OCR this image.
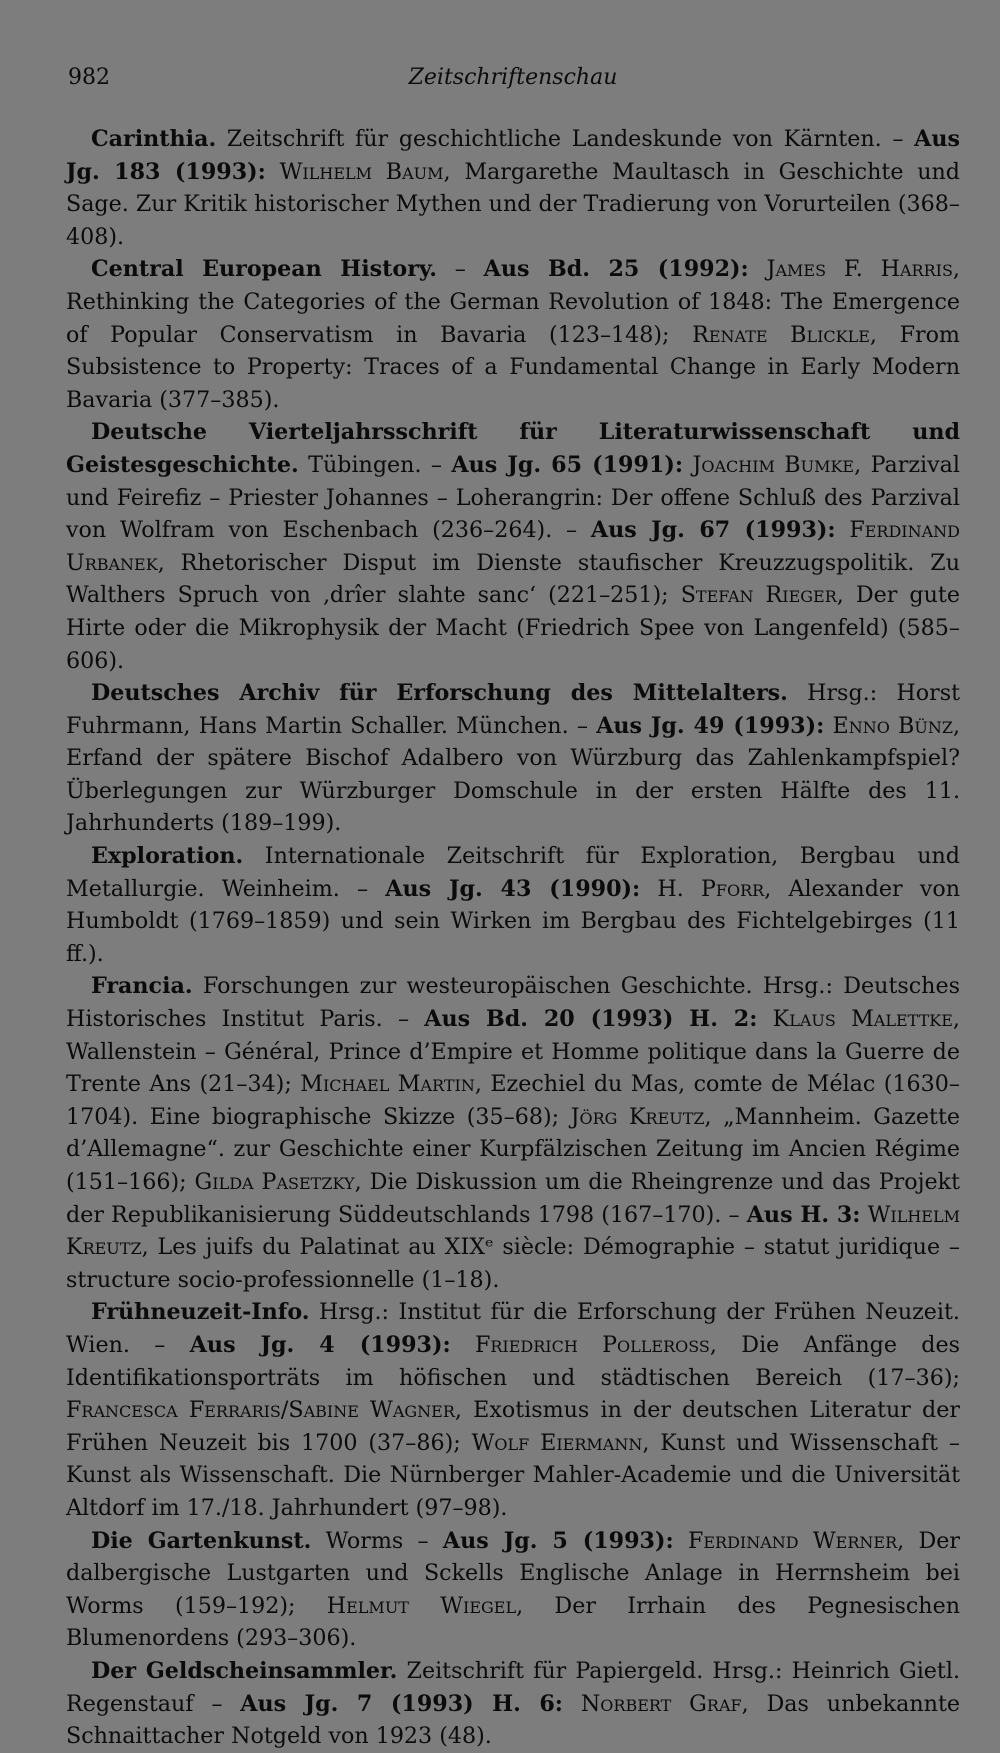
982	Zeitschriftenschau

Carinthia. Zeitschrift für geschichtliche Landeskunde von Kärnten. – Aus Jg. 183 (1993): Wilhelm Baum, Margarethe Maultasch in Geschichte und Sage. Zur Kritik historischer Mythen und der Tradierung von Vorurteilen (368–408).

Central European History. – Aus Bd. 25 (1992): James F. Harris, Rethinking the Categories of the German Revolution of 1848: The Emergence of Popular Conservatism in Bavaria (123–148); Renate Blickle, From Subsistence to Property: Traces of a Fundamental Change in Early Modern Bavaria (377–385).

Deutsche Vierteljahrsschrift für Literaturwissenschaft und Geistesgeschichte. Tübingen. – Aus Jg. 65 (1991): Joachim Bumke, Parzival und Feirefiz – Priester Johannes – Loherangrin: Der offene Schluß des Parzival von Wolfram von Eschenbach (236–264). – Aus Jg. 67 (1993): Ferdinand Urbanek, Rhetorischer Disput im Dienste staufischer Kreuzzugspolitik. Zu Walthers Spruch von ‚drîer slahte sanc‘ (221–251); Stefan Rieger, Der gute Hirte oder die Mikrophysik der Macht (Friedrich Spee von Langenfeld) (585–606).

Deutsches Archiv für Erforschung des Mittelalters. Hrsg.: Horst Fuhrmann, Hans Martin Schaller. München. – Aus Jg. 49 (1993): Enno Bünz, Erfand der spätere Bischof Adalbero von Würzburg das Zahlenkampfspiel? Überlegungen zur Würzburger Domschule in der ersten Hälfte des 11. Jahrhunderts (189–199).

Exploration. Internationale Zeitschrift für Exploration, Bergbau und Metallurgie. Weinheim. – Aus Jg. 43 (1990): H. Pforr, Alexander von Humboldt (1769–1859) und sein Wirken im Bergbau des Fichtelgebirges (11 ff.).

Francia. Forschungen zur westeuropäischen Geschichte. Hrsg.: Deutsches Historisches Institut Paris. – Aus Bd. 20 (1993) H. 2: Klaus Malettke, Wallenstein – Général, Prince d’Empire et Homme politique dans la Guerre de Trente Ans (21–34); Michael Martin, Ezechiel du Mas, comte de Mélac (1630–1704). Eine biographische Skizze (35–68); Jörg Kreutz, „Mannheim. Gazette d’Allemagne“. zur Geschichte einer Kurpfälzischen Zeitung im Ancien Régime (151–166); Gilda Pasetzky, Die Diskussion um die Rheingrenze und das Projekt der Republikanisierung Süddeutschlands 1798 (167–170). – Aus H. 3: Wilhelm Kreutz, Les juifs du Palatinat au XIXᵉ siècle: Démographie – statut juridique – structure socio-professionnelle (1–18).

Frühneuzeit-Info. Hrsg.: Institut für die Erforschung der Frühen Neuzeit. Wien. – Aus Jg. 4 (1993): Friedrich Polleross, Die Anfänge des Identifikationsporträts im höfischen und städtischen Bereich (17–36); Francesca Ferraris/Sabine Wagner, Exotismus in der deutschen Literatur der Frühen Neuzeit bis 1700 (37–86); Wolf Eiermann, Kunst und Wissenschaft – Kunst als Wissenschaft. Die Nürnberger Mahler-Academie und die Universität Altdorf im 17./18. Jahrhundert (97–98).

Die Gartenkunst. Worms – Aus Jg. 5 (1993): Ferdinand Werner, Der dalbergische Lustgarten und Sckells Englische Anlage in Herrnsheim bei Worms (159–192); Helmut Wiegel, Der Irrhain des Pegnesischen Blumenordens (293–306).

Der Geldscheinsammler. Zeitschrift für Papiergeld. Hrsg.: Heinrich Gietl. Regenstauf – Aus Jg. 7 (1993) H. 6: Norbert Graf, Das unbekannte Schnaittacher Notgeld von 1923 (48).
